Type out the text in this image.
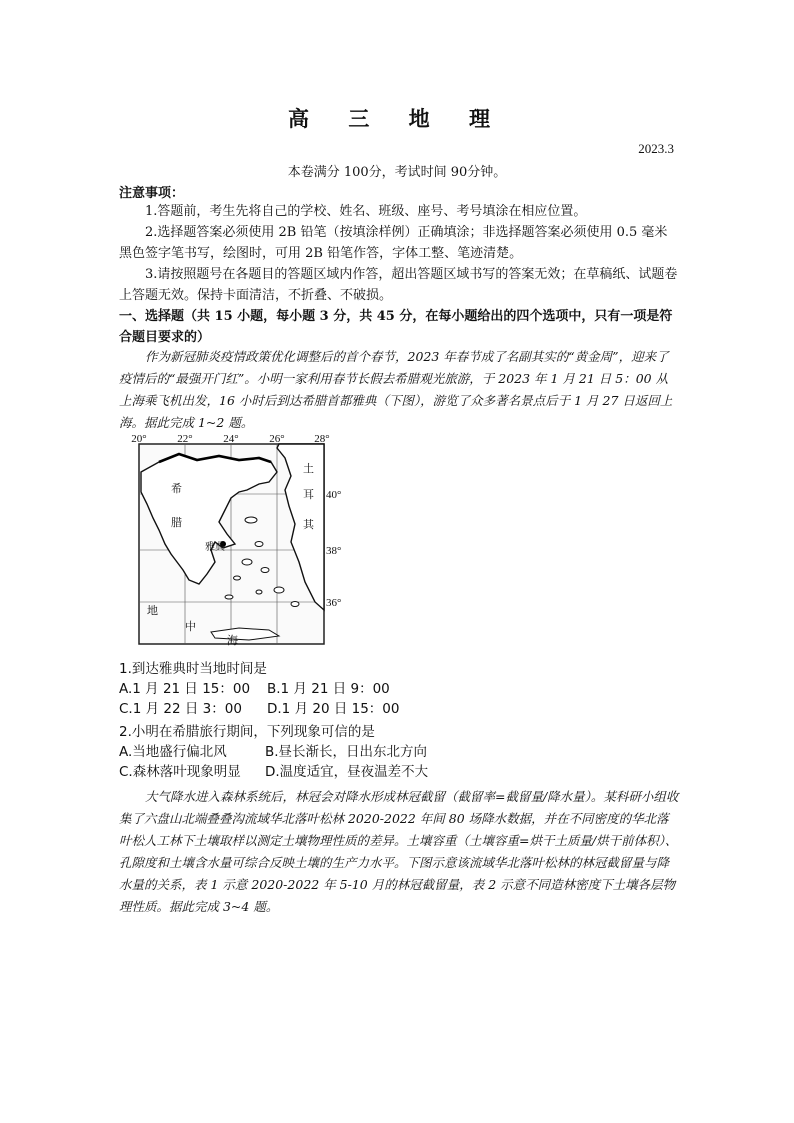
高 三 地 理
2023.3
本卷满分 100分，考试时间 90分钟。
注意事项：
1.答题前，考生先将自己的学校、姓名、班级、座号、考号填涂在相应位置。
2.选择题答案必须使用 2B 铅笔（按填涂样例）正确填涂；非选择题答案必须使用 0.5 毫米黑色签字笔书写，绘图时，可用 2B 铅笔作答，字体工整、笔迹清楚。
3.请按照题号在各题目的答题区域内作答，超出答题区域书写的答案无效；在草稿纸、试题卷上答题无效。保持卡面清洁，不折叠、不破损。
一、选择题（共 15 小题，每小题 3 分，共 45 分，在每小题给出的四个选项中，只有一项是符合题目要求的）
作为新冠肺炎疫情政策优化调整后的首个春节，2023 年春节成了名副其实的“黄金周”，迎来了疫情后的“最强开门红”。小明一家利用春节长假去希腊观光旅游，于 2023 年 1 月 21 日 5：00 从上海乘飞机出发，16 小时后到达希腊首都雅典（下图），游览了众多著名景点后于 1 月 27 日返回上海。据此完成 1~2 题。
20°	22°	24°	26°	28°
40°
38°
36°
希
腊
雅典
土
耳
其
地
中
海
1.到达雅典时当地时间是
A.1 月 21 日 15：00	B.1 月 21 日 9：00
C.1 月 22 日 3：00	D.1 月 20 日 15：00
2.小明在希腊旅行期间，下列现象可信的是
A.当地盛行偏北风	B.昼长渐长，日出东北方向
C.森林落叶现象明显	D.温度适宜，昼夜温差不大
大气降水进入森林系统后，林冠会对降水形成林冠截留（截留率=截留量/降水量）。某科研小组收集了六盘山北端叠叠沟流域华北落叶松林 2020-2022 年间 80 场降水数据，并在不同密度的华北落叶松人工林下土壤取样以测定土壤物理性质的差异。土壤容重（土壤容重=烘干土质量/烘干前体积）、孔隙度和土壤含水量可综合反映土壤的生产力水平。下图示意该流域华北落叶松林的林冠截留量与降水量的关系，表 1 示意 2020-2022 年 5-10 月的林冠截留量，表 2 示意不同造林密度下土壤各层物理性质。据此完成 3~4 题。
